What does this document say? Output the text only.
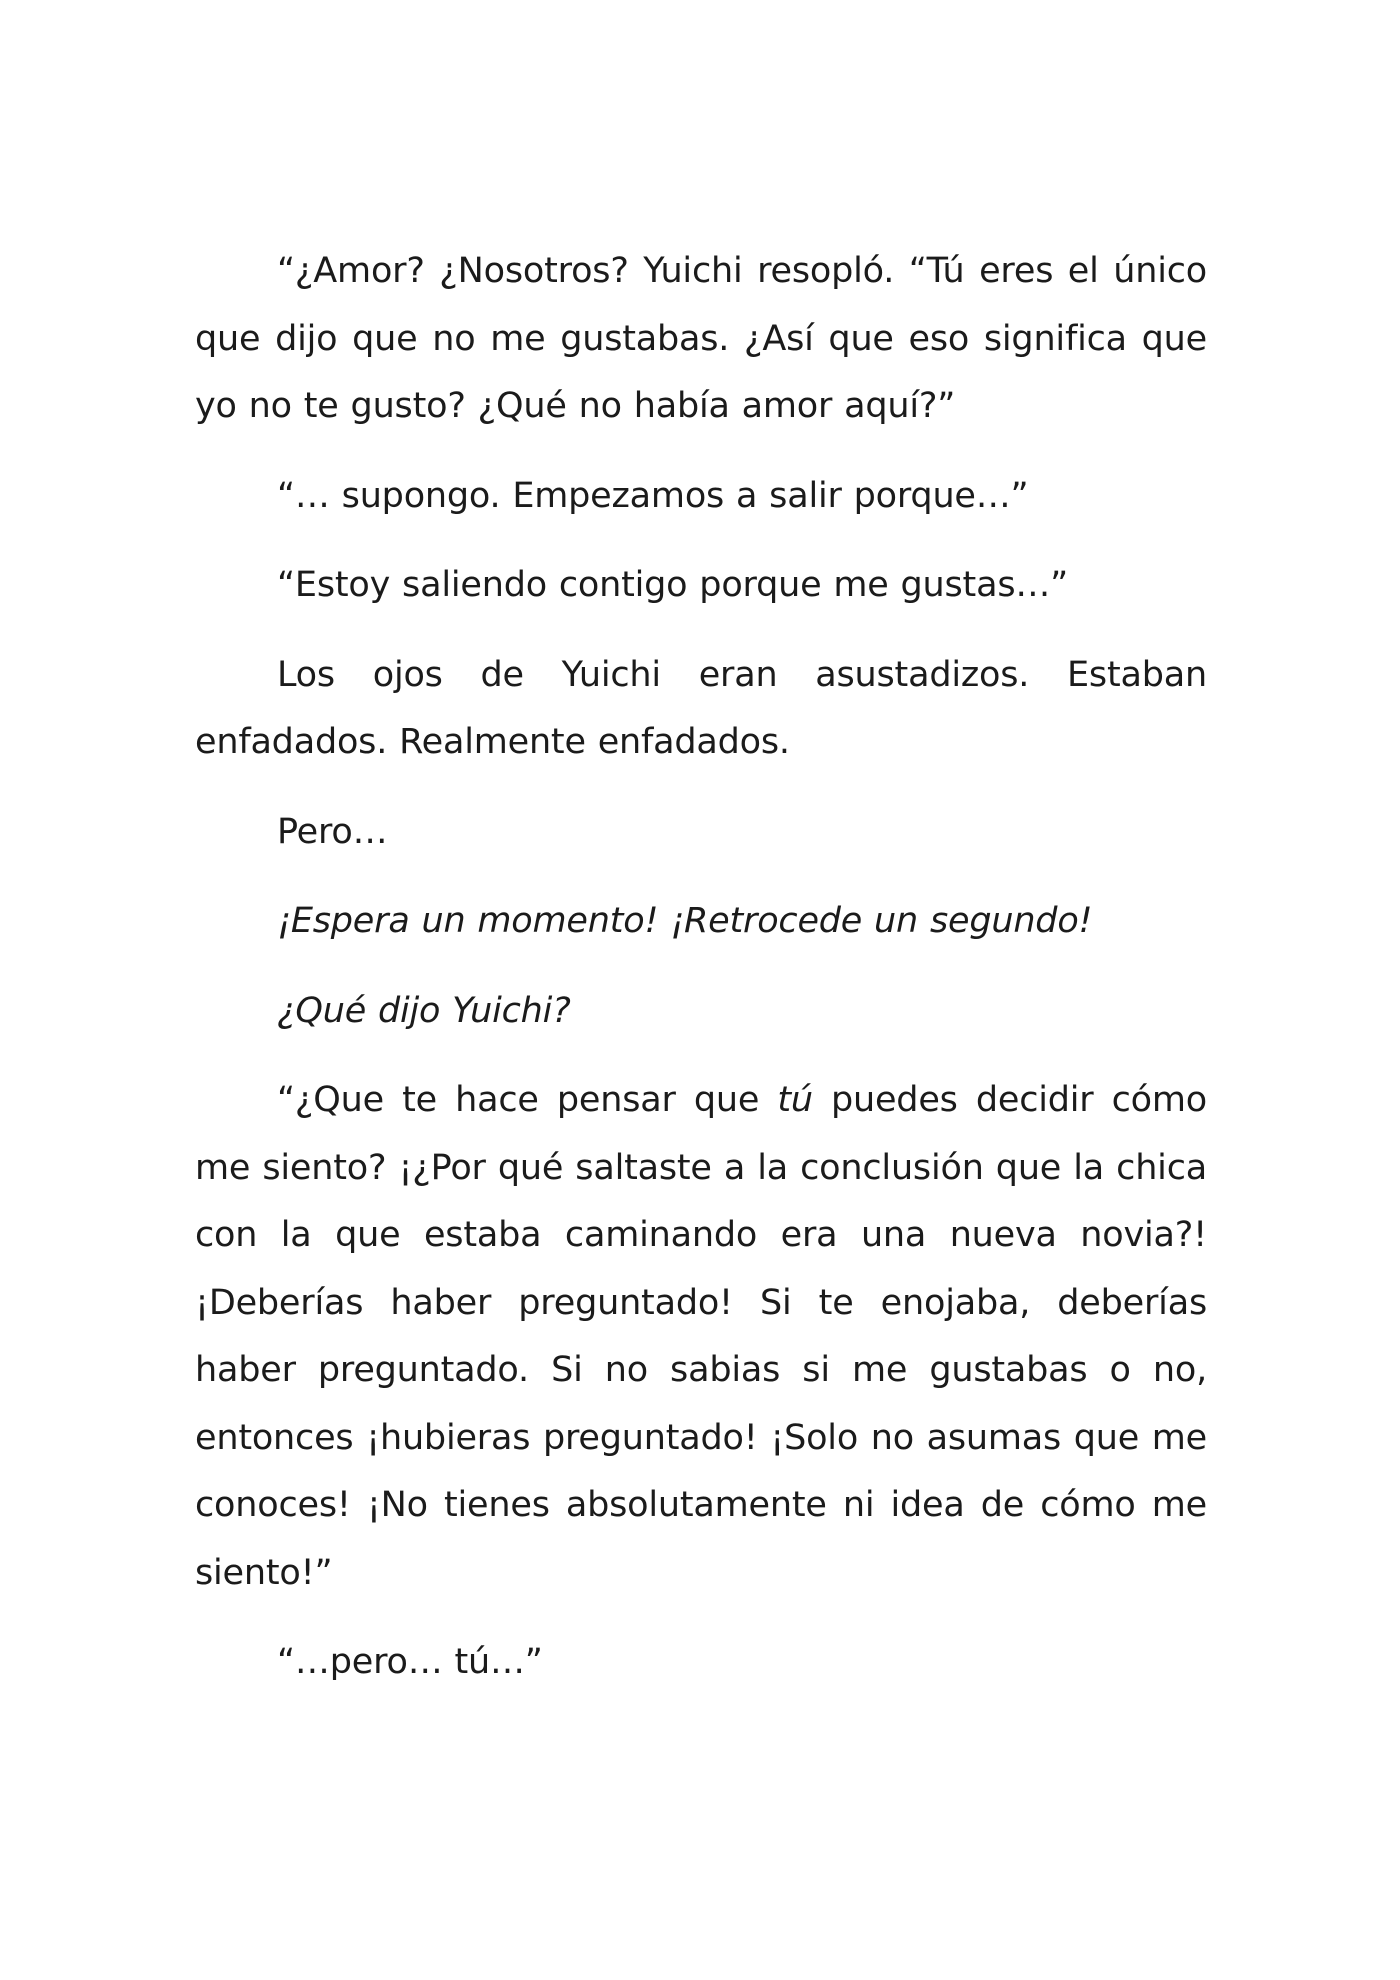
“¿Amor? ¿Nosotros? Yuichi resopló. “Tú eres el único que dijo que no me gustabas. ¿Así que eso significa que yo no te gusto? ¿Qué no había amor aquí?”

“… supongo. Empezamos a salir porque…”

“Estoy saliendo contigo porque me gustas…”

Los ojos de Yuichi eran asustadizos. Estaban enfadados. Realmente enfadados.

Pero…

¡Espera un momento! ¡Retrocede un segundo!

¿Qué dijo Yuichi?

“¿Que te hace pensar que tú puedes decidir cómo me siento? ¡¿Por qué saltaste a la conclusión que la chica con la que estaba caminando era una nueva novia?! ¡Deberías haber preguntado! Si te enojaba, deberías haber preguntado. Si no sabias si me gustabas o no, entonces ¡hubieras preguntado! ¡Solo no asumas que me conoces! ¡No tienes absolutamente ni idea de cómo me siento!”

“…pero… tú…”
